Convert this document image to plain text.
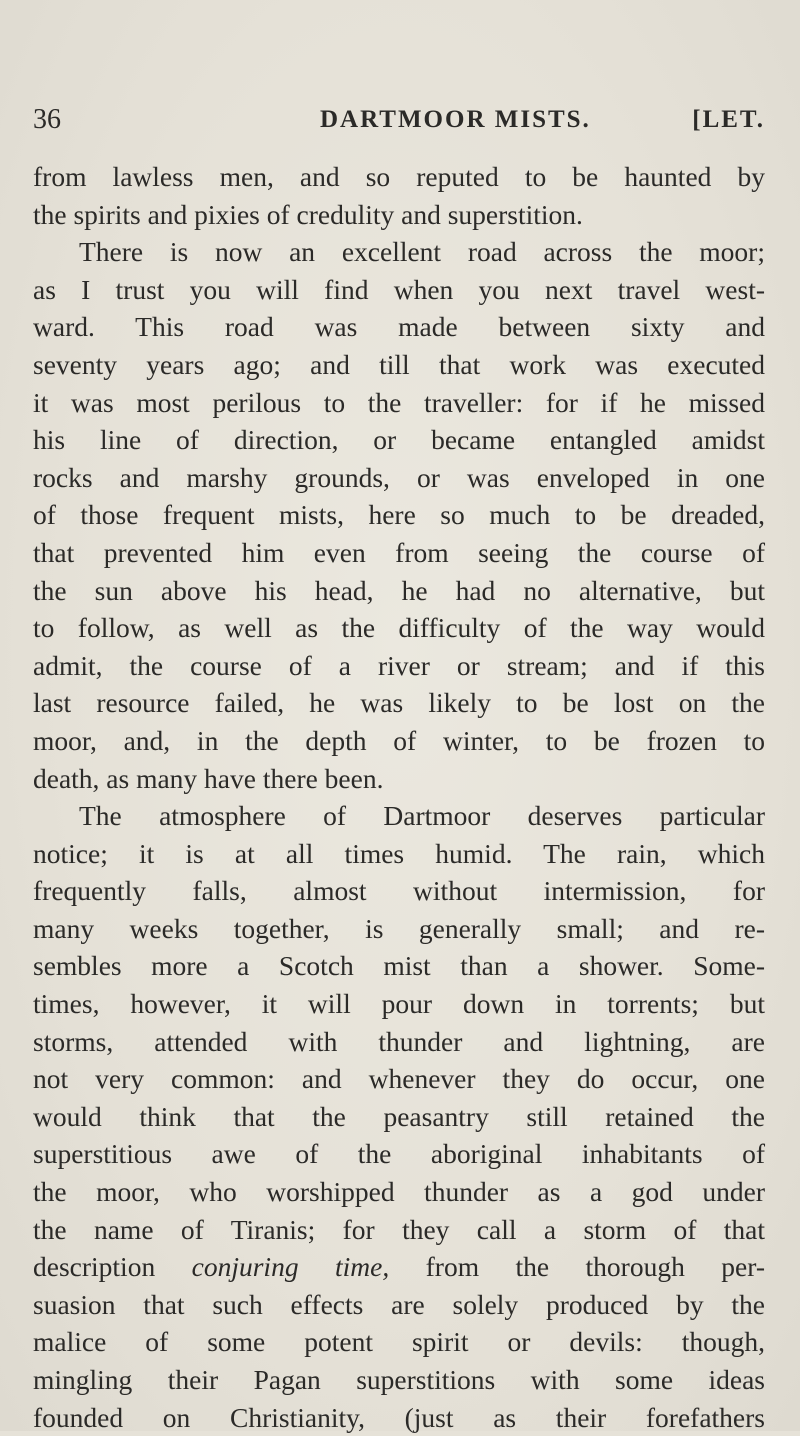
36	DARTMOOR MISTS.	[LET.
from lawless men, and so reputed to be haunted by
the spirits and pixies of credulity and superstition.
There is now an excellent road across the moor;
as I trust you will find when you next travel west-
ward. This road was made between sixty and
seventy years ago; and till that work was executed
it was most perilous to the traveller: for if he missed
his line of direction, or became entangled amidst
rocks and marshy grounds, or was enveloped in one
of those frequent mists, here so much to be dreaded,
that prevented him even from seeing the course of
the sun above his head, he had no alternative, but
to follow, as well as the difficulty of the way would
admit, the course of a river or stream; and if this
last resource failed, he was likely to be lost on the
moor, and, in the depth of winter, to be frozen to
death, as many have there been.
The atmosphere of Dartmoor deserves particular
notice; it is at all times humid. The rain, which
frequently falls, almost without intermission, for
many weeks together, is generally small; and re-
sembles more a Scotch mist than a shower. Some-
times, however, it will pour down in torrents; but
storms, attended with thunder and lightning, are
not very common: and whenever they do occur, one
would think that the peasantry still retained the
superstitious awe of the aboriginal inhabitants of
the moor, who worshipped thunder as a god under
the name of Tiranis; for they call a storm of that
description conjuring time, from the thorough per-
suasion that such effects are solely produced by the
malice of some potent spirit or devils: though,
mingling their Pagan superstitions with some ideas
founded on Christianity, (just as their forefathers
